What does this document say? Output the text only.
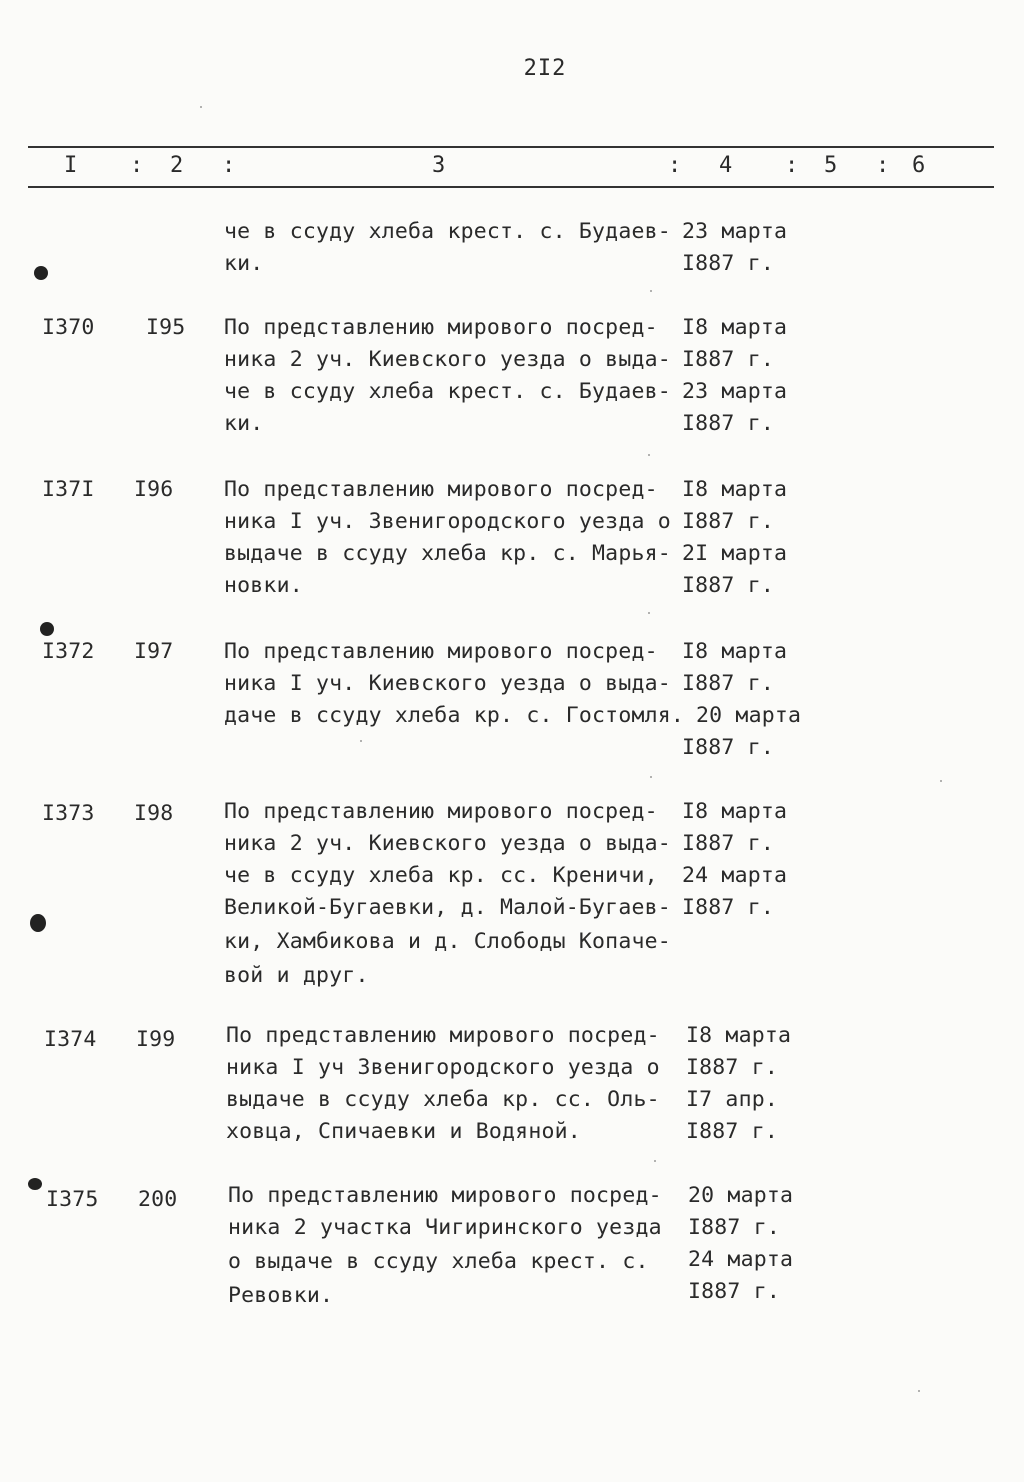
2I2
I : 2 :	3	: 4 : 5 : 6
че в ссуду хлеба крест. с. Будаев-
ки.
23 марта
I887 г.
I370 I95 По представлению мирового посред-
ника 2 уч. Киевского уезда о выда-
че в ссуду хлеба крест. с. Будаев-
ки.
I8 марта
I887 г.
23 марта
I887 г.
I37I I96 По представлению мирового посред-
ника I уч. Звенигородского уезда о
выдаче в ссуду хлеба кр. с. Марья-
новки.
I8 марта
I887 г.
2I марта
I887 г.
I372 I97 По представлению мирового посред-
ника I уч. Киевского уезда о выда-
даче в ссуду хлеба кр. с. Гостомля.
I8 марта
I887 г.
20 марта
I887 г.
I373 I98 По представлению мирового посред-
ника 2 уч. Киевского уезда о выда-
че в ссуду хлеба кр. сс. Креничи,
Великой-Бугаевки, д. Малой-Бугаев-
ки, Хамбикова и д. Слободы Копаче-
вой и друг.
I8 марта
I887 г.
24 марта
I887 г.
I374 I99 По представлению мирового посред-
ника I уч Звенигородского уезда о
выдаче в ссуду хлеба кр. сс. Оль-
ховца, Спичаевки и Водяной.
I8 марта
I887 г.
I7 апр.
I887 г.
I375 200 По представлению мирового посред-
ника 2 участка Чигиринского уезда
о выдаче в ссуду хлеба крест. с.
Ревовки.
20 марта
I887 г.
24 марта
I887 г.
